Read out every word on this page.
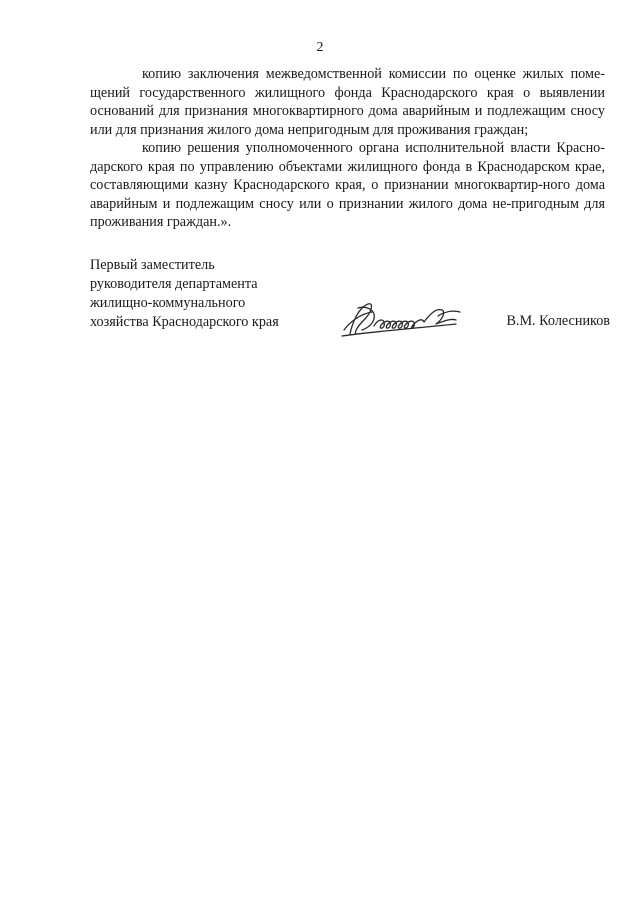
2

копию заключения межведомственной комиссии по оценке жилых поме-щений государственного жилищного фонда Краснодарского края о выявлении оснований для признания многоквартирного дома аварийным и подлежащим сносу или для признания жилого дома непригодным для проживания граждан;

копию решения уполномоченного органа исполнительной власти Красно-дарского края по управлению объектами жилищного фонда в Краснодарском крае, составляющими казну Краснодарского края, о признании многоквартир-ного дома аварийным и подлежащим сносу или о признании жилого дома не-пригодным для проживания граждан.».

Первый заместитель
руководителя департамента
жилищно-коммунального
хозяйства Краснодарского края	В.М. Колесников
